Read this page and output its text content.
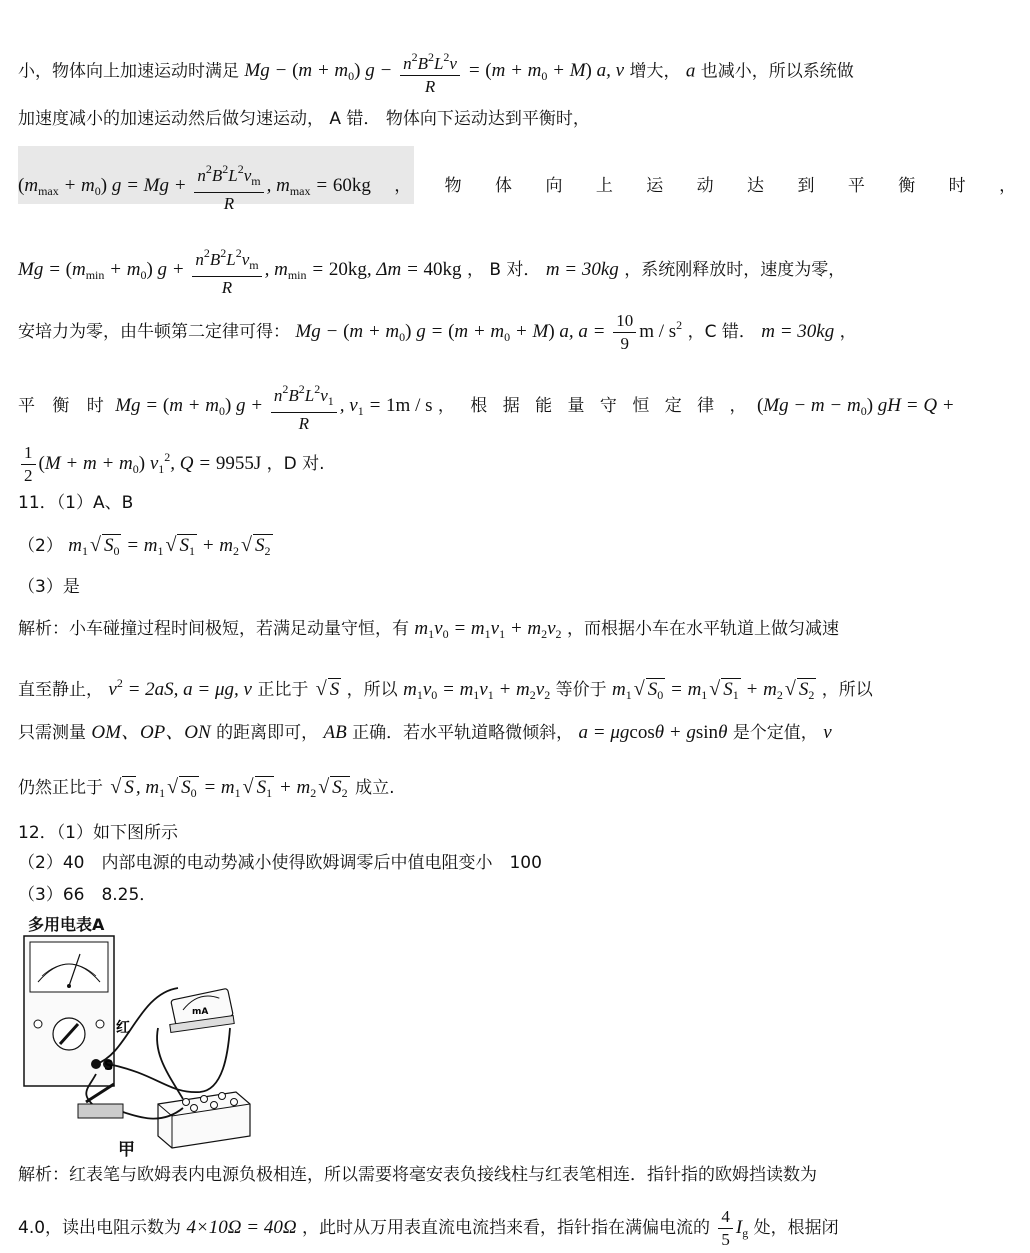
小，物体向上加速运动时满足 $Mg - (m + m_0)$ $g - \frac{n^2B^2L^2v}{R} = (m + m_0 + M)$ a, v 增大， a 也减小，所以系统做
加速度减小的加速运动然后做匀速运动， A 错． 物体向下运动达到平衡时，
$(m_{max} + m_0) g = Mg + \frac{n^2B^2L^2v_m}{R}$ , $m_{max} = 60kg$ ， 物 体 向 上 运 动 达 到 平 衡 时 ，
$Mg = (m_{min} + m_0) g + \frac{n^2B^2L^2v_m}{R}$ , $m_{min} = 20kg$, Δm = 40kg ， B 对． m = 30kg ，系统刚释放时，速度为零，
安培力为零，由牛顿第二定律可得： $Mg - (m + m_0)$ $g = (m + m_0 + M)$ a, $a = \frac{10}{9}$ m / $s^2$ ，C 错． m = 30kg ，
平 衡 时 $Mg = (m + m_0)$ $g + \frac{n^2B^2L^2v_1}{R}$ , $v_1 = 1m / s$ ， 根 据 能 量 守 恒 定 律 ， $(Mg - m - m_0)$ gH = Q +
$\frac{1}{2} (M + m + m_0)$ $v_1^2$, Q = 9955J ，D 对.
11．（1）A、B
（2） $m_1$ √ $S_0 = m_1$ √ $S_1 + m_2$ √ $S_2$
（3）是
解析：小车碰撞过程时间极短，若满足动量守恒，有 $m_1v_0 = m_1v_1 + m_2v_2$ ，而根据小车在水平轨道上做匀减速
直至静止， $v^2 = 2aS$, a = μg, v 正比于 √ S ，所以 $m_1v_0 = m_1v_1 + m_2v_2$ 等价于 $m_1$ √ $S_0 = m_1$ √ $S_1 + m_2$ √ $S_2$ ，所以
只需测量 OM、OP、ON 的距离即可， AB 正确．若水平轨道略微倾斜， a = μgcosθ + gsinθ 是个定值， v
仍然正比于 √ S , $m_1$ √ $S_0 = m_1$ √ $S_1 + m_2$ √ $S_2$ 成立.
12．（1）如下图所示
（2）40　内部电源的电动势减小使得欧姆调零后中值电阻变小　100
（3）66　8.25．
多用电表A
红
mA
S
甲
解析：红表笔与欧姆表内电源负极相连，所以需要将毫安表负接线柱与红表笔相连．指针指的欧姆挡读数为
4.0，读出电阻示数为 4×10Ω = 40Ω ，此时从万用表直流电流挡来看，指针指在满偏电流的 $\frac{4}{5} I_g$ 处，根据闭
